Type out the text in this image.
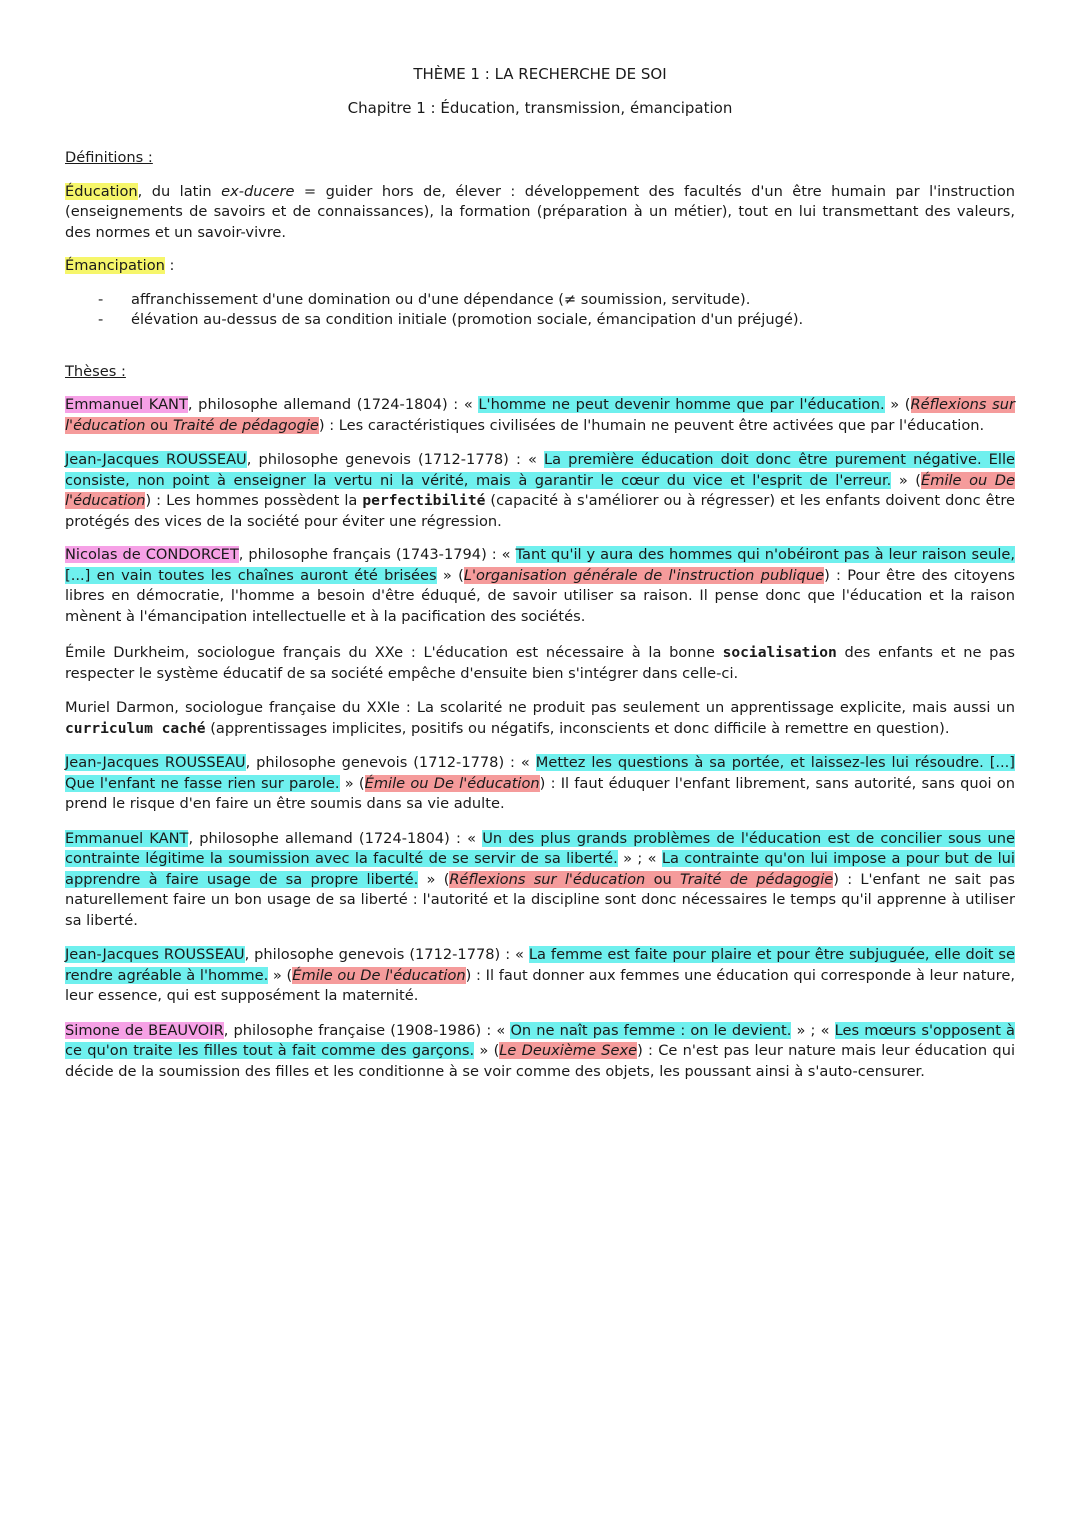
THÈME 1 : LA RECHERCHE DE SOI

Chapitre 1 : Éducation, transmission, émancipation

Définitions :

Éducation, du latin ex-ducere = guider hors de, élever : développement des facultés d'un être humain par l'instruction (enseignements de savoirs et de connaissances), la formation (préparation à un métier), tout en lui transmettant des valeurs, des normes et un savoir-vivre.

Émancipation :

- affranchissement d'une domination ou d'une dépendance (≠ soumission, servitude).
- élévation au-dessus de sa condition initiale (promotion sociale, émancipation d'un préjugé).

Thèses :

Emmanuel KANT, philosophe allemand (1724-1804) : « L'homme ne peut devenir homme que par l'éducation. » (Réflexions sur l'éducation ou Traité de pédagogie) : Les caractéristiques civilisées de l'humain ne peuvent être activées que par l'éducation.

Jean-Jacques ROUSSEAU, philosophe genevois (1712-1778) : « La première éducation doit donc être purement négative. Elle consiste, non point à enseigner la vertu ni la vérité, mais à garantir le cœur du vice et l'esprit de l'erreur. » (Émile ou De l'éducation) : Les hommes possèdent la perfectibilité (capacité à s'améliorer ou à régresser) et les enfants doivent donc être protégés des vices de la société pour éviter une régression.

Nicolas de CONDORCET, philosophe français (1743-1794) : « Tant qu'il y aura des hommes qui n'obéiront pas à leur raison seule, [...] en vain toutes les chaînes auront été brisées » (L'organisation générale de l'instruction publique) : Pour être des citoyens libres en démocratie, l'homme a besoin d'être éduqué, de savoir utiliser sa raison. Il pense donc que l'éducation et la raison mènent à l'émancipation intellectuelle et à la pacification des sociétés.

Émile Durkheim, sociologue français du XXe : L'éducation est nécessaire à la bonne socialisation des enfants et ne pas respecter le système éducatif de sa société empêche d'ensuite bien s'intégrer dans celle-ci.

Muriel Darmon, sociologue française du XXIe : La scolarité ne produit pas seulement un apprentissage explicite, mais aussi un curriculum caché (apprentissages implicites, positifs ou négatifs, inconscients et donc difficile à remettre en question).

Jean-Jacques ROUSSEAU, philosophe genevois (1712-1778) : « Mettez les questions à sa portée, et laissez-les lui résoudre. [...] Que l'enfant ne fasse rien sur parole. » (Émile ou De l'éducation) : Il faut éduquer l'enfant librement, sans autorité, sans quoi on prend le risque d'en faire un être soumis dans sa vie adulte.

Emmanuel KANT, philosophe allemand (1724-1804) : « Un des plus grands problèmes de l'éducation est de concilier sous une contrainte légitime la soumission avec la faculté de se servir de sa liberté. » ; « La contrainte qu'on lui impose a pour but de lui apprendre à faire usage de sa propre liberté. » (Réflexions sur l'éducation ou Traité de pédagogie) : L'enfant ne sait pas naturellement faire un bon usage de sa liberté : l'autorité et la discipline sont donc nécessaires le temps qu'il apprenne à utiliser sa liberté.

Jean-Jacques ROUSSEAU, philosophe genevois (1712-1778) : « La femme est faite pour plaire et pour être subjuguée, elle doit se rendre agréable à l'homme. » (Émile ou De l'éducation) : Il faut donner aux femmes une éducation qui corresponde à leur nature, leur essence, qui est supposément la maternité.

Simone de BEAUVOIR, philosophe française (1908-1986) : « On ne naît pas femme : on le devient. » ; « Les mœurs s'opposent à ce qu'on traite les filles tout à fait comme des garçons. » (Le Deuxième Sexe) : Ce n'est pas leur nature mais leur éducation qui décide de la soumission des filles et les conditionne à se voir comme des objets, les poussant ainsi à s'auto-censurer.
